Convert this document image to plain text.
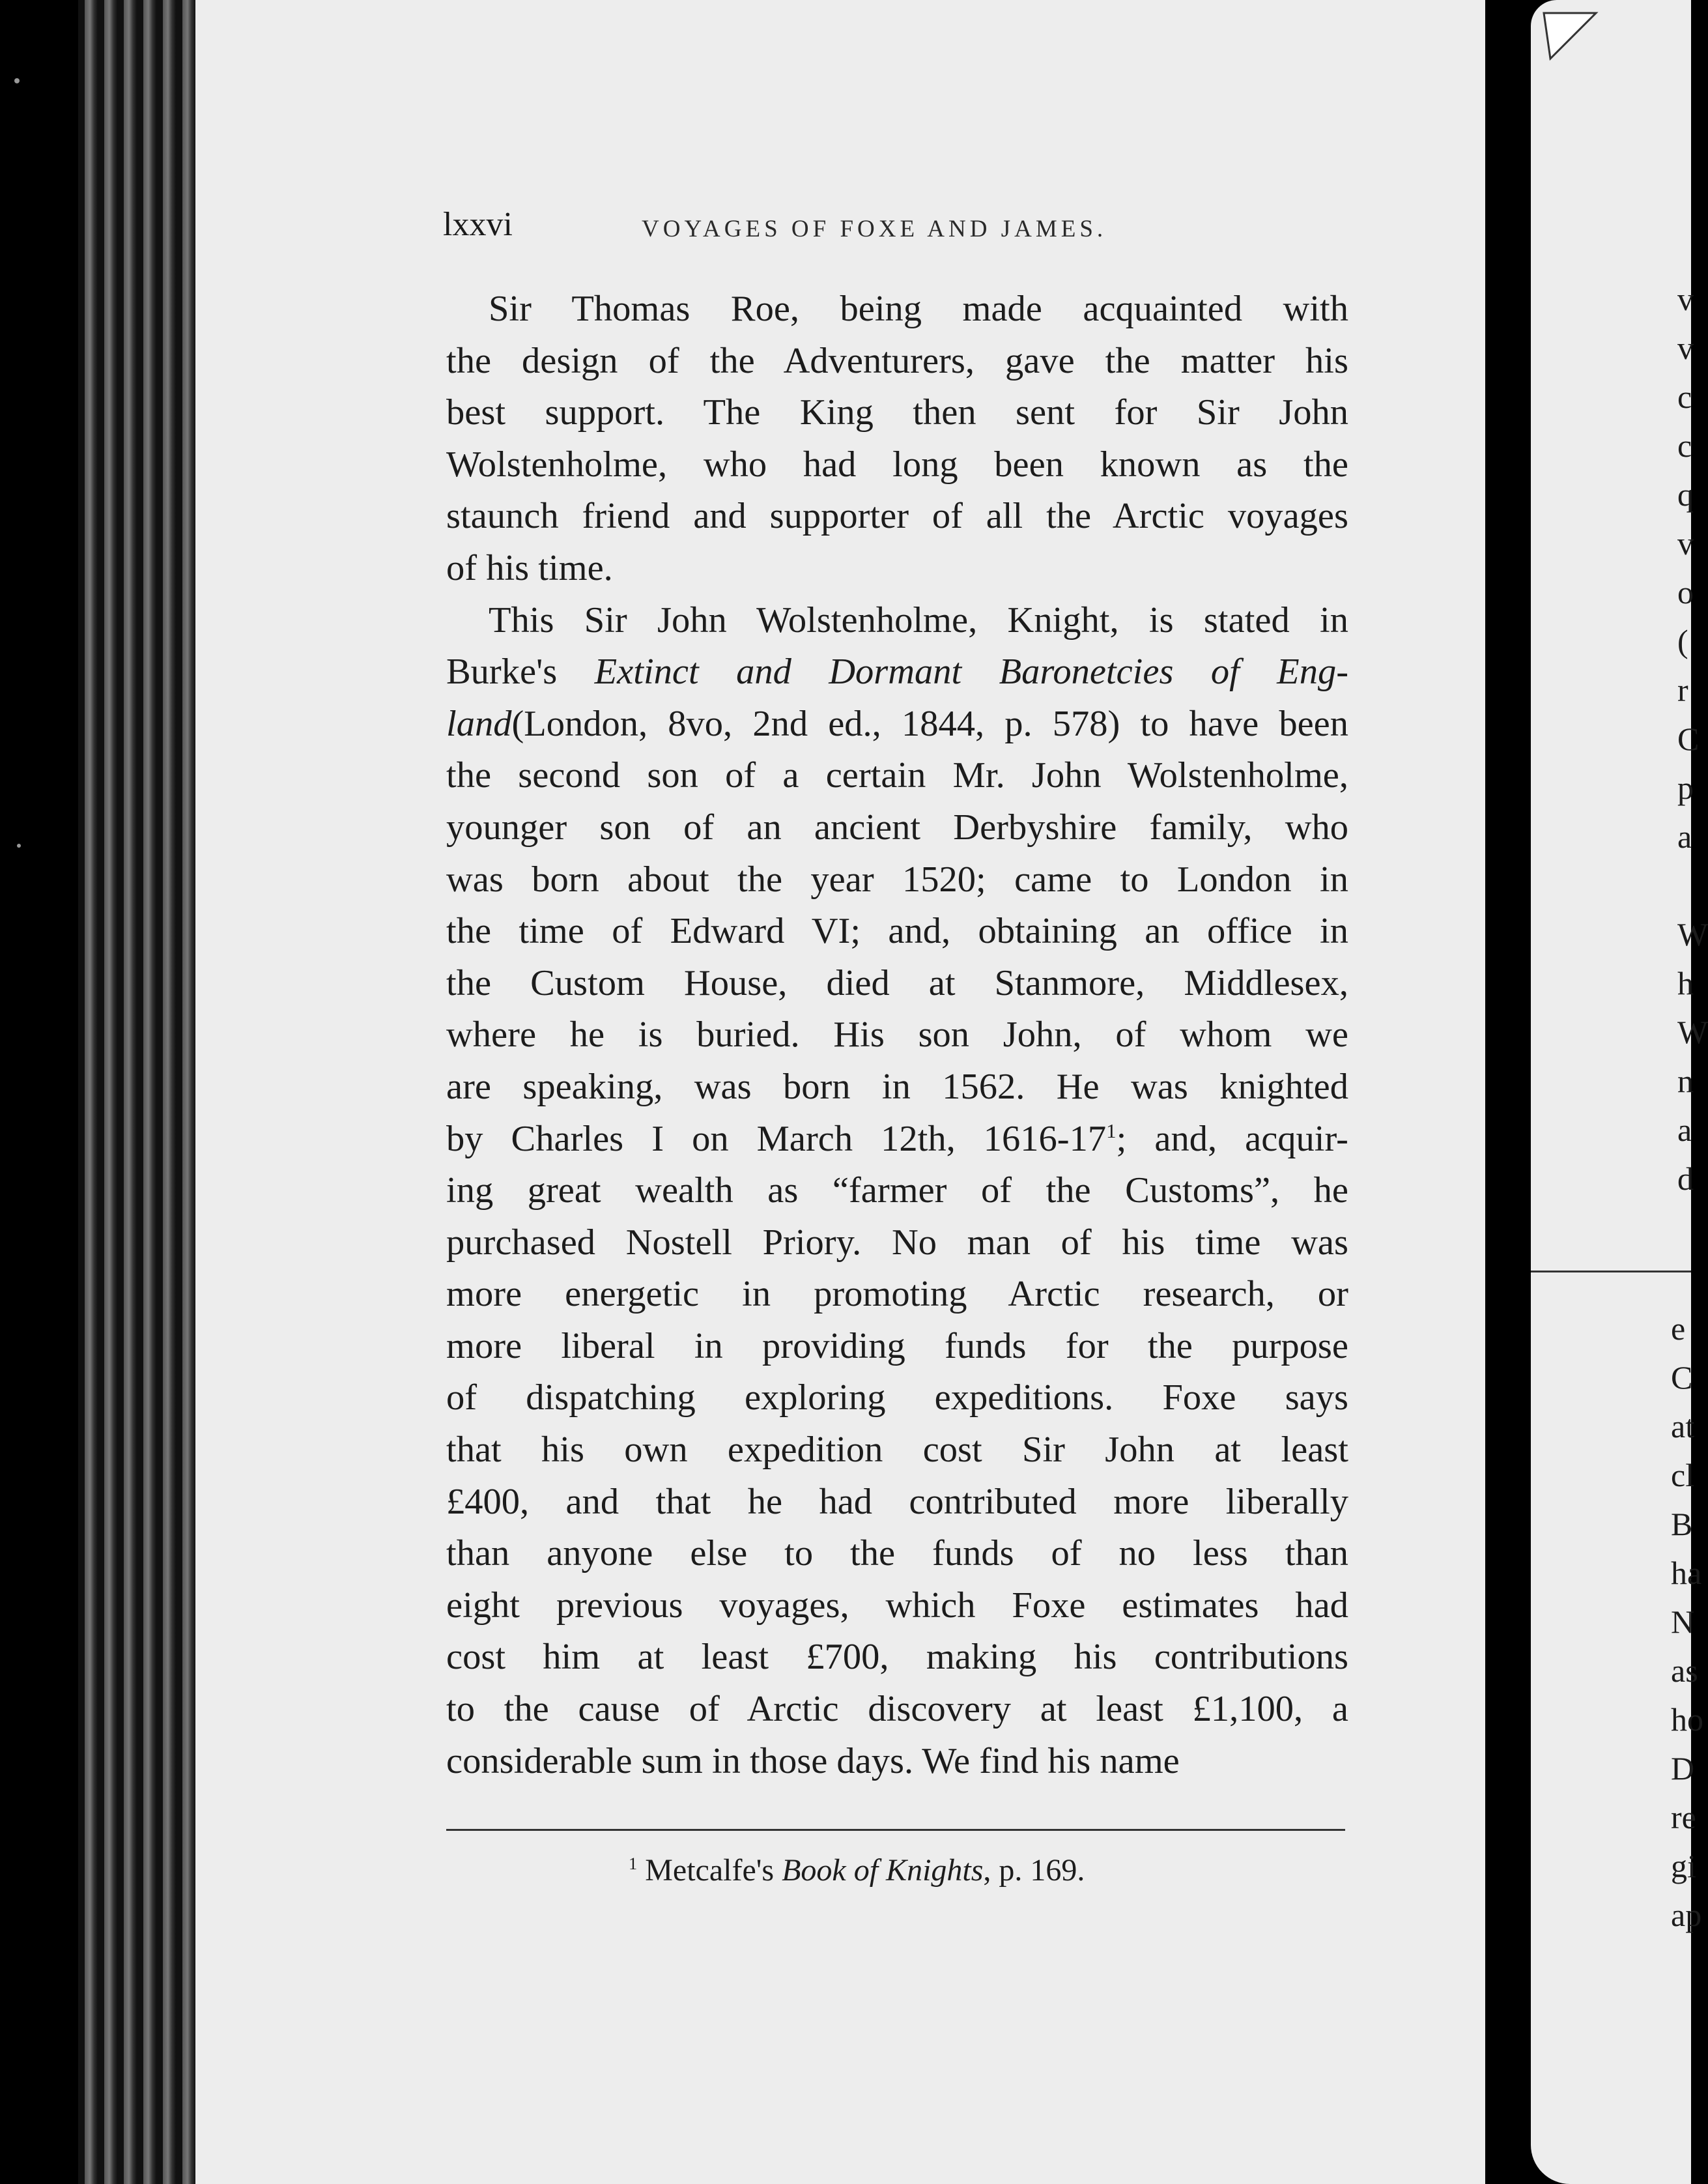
lxxvi	VOYAGES OF FOXE AND JAMES.
Sir Thomas Roe, being made acquainted with
the design of the Adventurers, gave the matter his
best support. The King then sent for Sir John
Wolstenholme, who had long been known as the
staunch friend and supporter of all the Arctic voyages
of his time.
This Sir John Wolstenholme, Knight, is stated in
Burke's Extinct and Dormant Baronetcies of Eng-
land(London, 8vo, 2nd ed., 1844, p. 578) to have been
the second son of a certain Mr. John Wolstenholme,
younger son of an ancient Derbyshire family, who
was born about the year 1520; came to London in
the time of Edward VI; and, obtaining an office in
the Custom House, died at Stanmore, Middlesex,
where he is buried. His son John, of whom we
are speaking, was born in 1562. He was knighted
by Charles I on March 12th, $1616-17^1$; and, acquir-
ing great wealth as “farmer of the Customs”, he
purchased Nostell Priory. No man of his time was
more energetic in promoting Arctic research, or
more liberal in providing funds for the purpose
of dispatching exploring expeditions. Foxe says
that his own expedition cost Sir John at least
£400, and that he had contributed more liberally
than anyone else to the funds of no less than
eight previous voyages, which Foxe estimates had
cost him at least £700, making his contributions
to the cause of Arctic discovery at least £1,100, a
considerable sum in those days. We find his name
$^1$ Metcalfe's Book of Knights, p. 169.
v
v
c
c
q
v
o
(
r
C
p
a
W
h
W
n
a
d
e
C
at
cl
B
ha
N
as
ho
D
re
gi
ap
